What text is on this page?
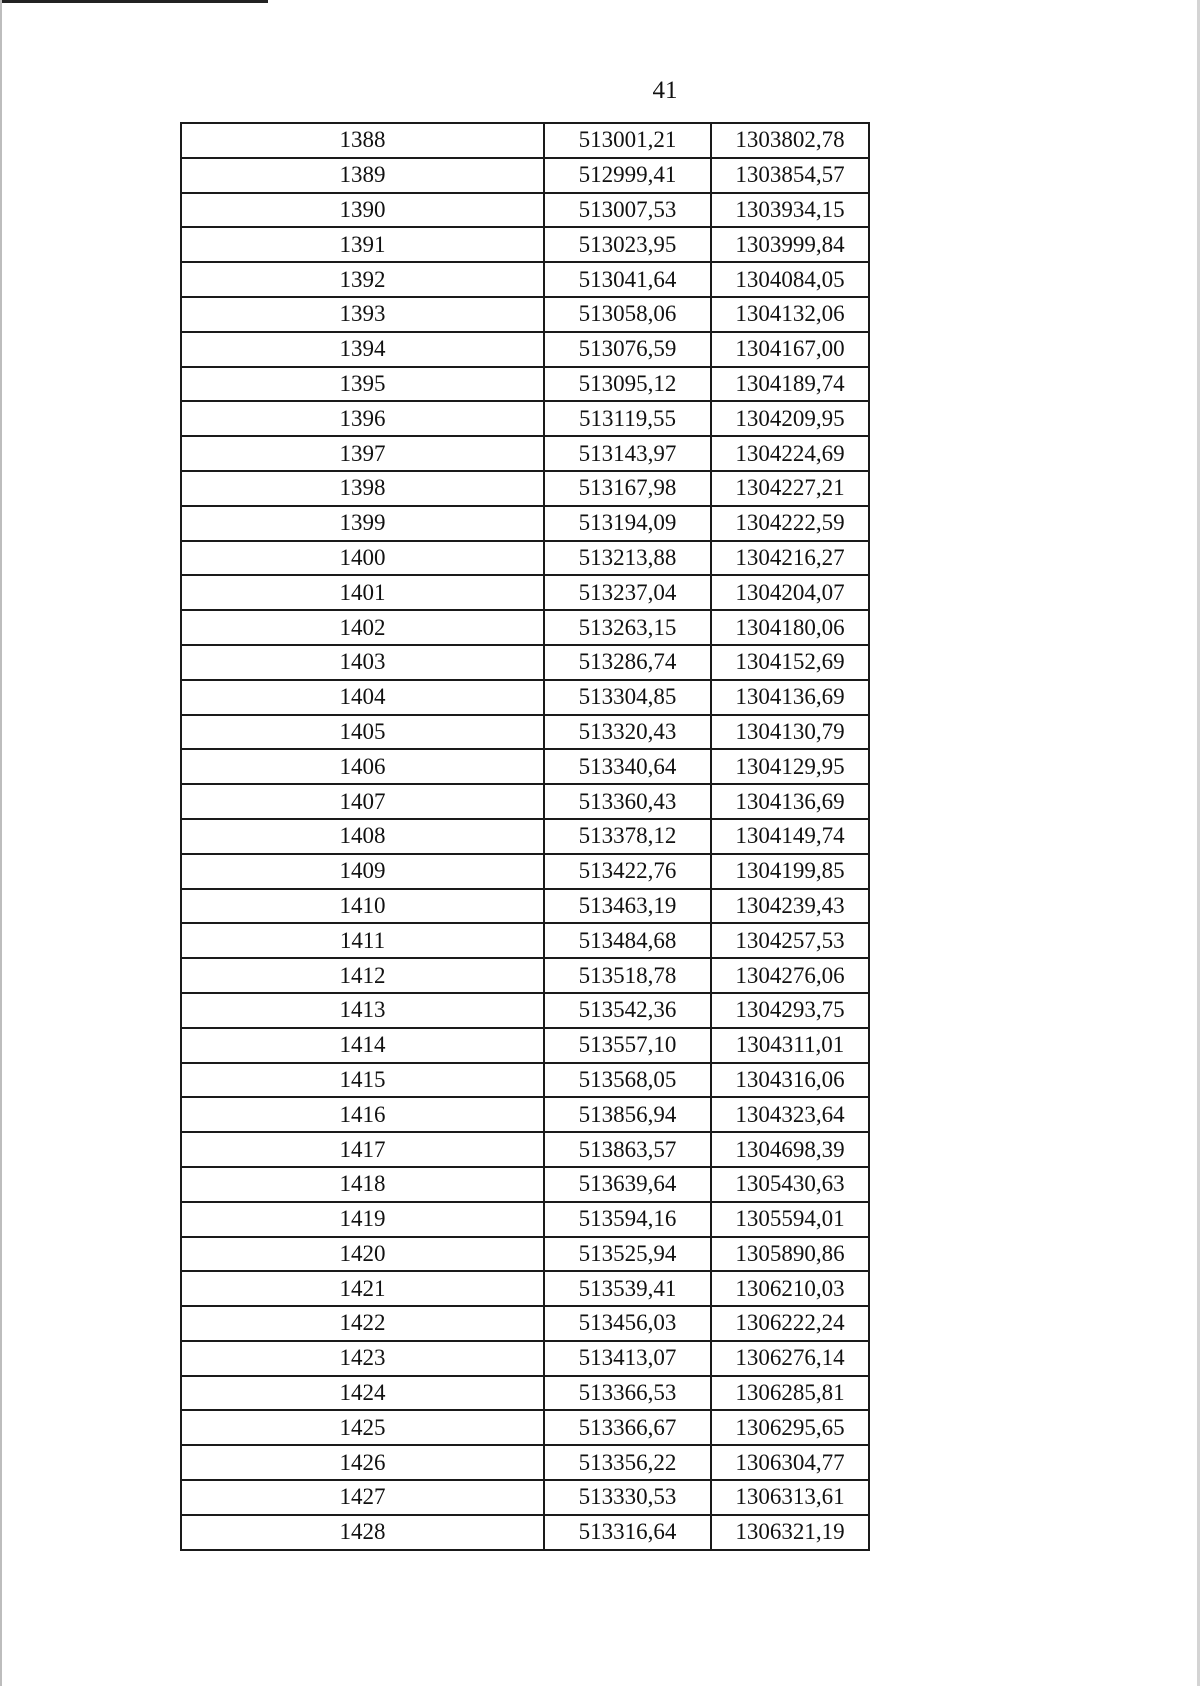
41
1388	513001,21	1303802,78
1389	512999,41	1303854,57
1390	513007,53	1303934,15
1391	513023,95	1303999,84
1392	513041,64	1304084,05
1393	513058,06	1304132,06
1394	513076,59	1304167,00
1395	513095,12	1304189,74
1396	513119,55	1304209,95
1397	513143,97	1304224,69
1398	513167,98	1304227,21
1399	513194,09	1304222,59
1400	513213,88	1304216,27
1401	513237,04	1304204,07
1402	513263,15	1304180,06
1403	513286,74	1304152,69
1404	513304,85	1304136,69
1405	513320,43	1304130,79
1406	513340,64	1304129,95
1407	513360,43	1304136,69
1408	513378,12	1304149,74
1409	513422,76	1304199,85
1410	513463,19	1304239,43
1411	513484,68	1304257,53
1412	513518,78	1304276,06
1413	513542,36	1304293,75
1414	513557,10	1304311,01
1415	513568,05	1304316,06
1416	513856,94	1304323,64
1417	513863,57	1304698,39
1418	513639,64	1305430,63
1419	513594,16	1305594,01
1420	513525,94	1305890,86
1421	513539,41	1306210,03
1422	513456,03	1306222,24
1423	513413,07	1306276,14
1424	513366,53	1306285,81
1425	513366,67	1306295,65
1426	513356,22	1306304,77
1427	513330,53	1306313,61
1428	513316,64	1306321,19
